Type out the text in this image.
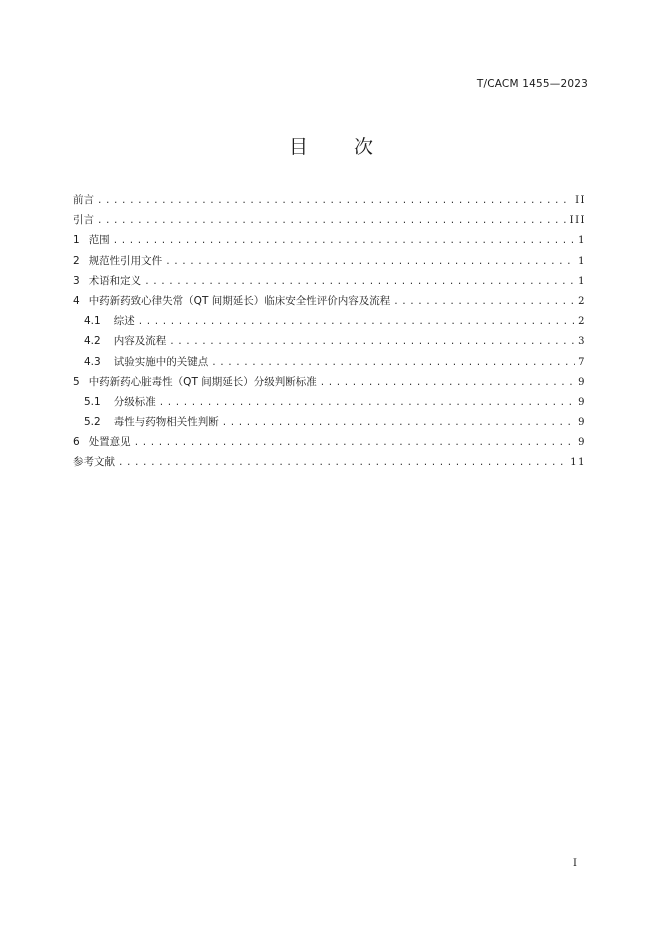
T/CACM 1455—2023
目 次
前言 .....	II
引言 .....	III
1 范围 .....	1
2 规范性引用文件 .....	1
3 术语和定义 .....	1
4 中药新药致心律失常（QT 间期延长）临床安全性评价内容及流程 .....	2
4.1 综述 .....	2
4.2 内容及流程 .....	3
4.3 试验实施中的关键点 .....	7
5 中药新药心脏毒性（QT 间期延长）分级判断标准 .....	9
5.1 分级标准 .....	9
5.2 毒性与药物相关性判断 .....	9
6 处置意见 .....	9
参考文献 .....	11
I
